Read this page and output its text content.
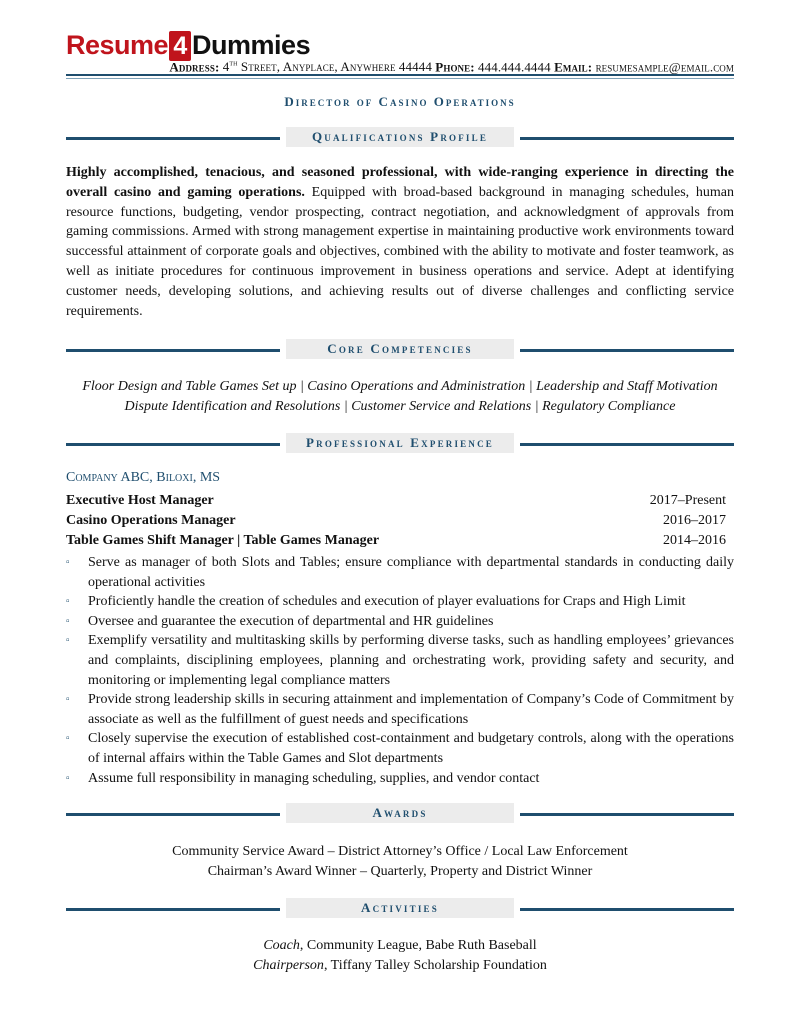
Resume 4 Dummies
Address: 4th Street, Anyplace, Anywhere 44444 Phone: 444.444.4444 Email: resumesample@email.com
Director of Casino Operations
Qualifications Profile
Highly accomplished, tenacious, and seasoned professional, with wide-ranging experience in directing the overall casino and gaming operations. Equipped with broad-based background in managing schedules, human resource functions, budgeting, vendor prospecting, contract negotiation, and acknowledgment of approvals from gaming commissions. Armed with strong management expertise in maintaining productive work environments toward successful attainment of corporate goals and objectives, combined with the ability to motivate and foster teamwork, as well as initiate procedures for continuous improvement in business operations and service. Adept at identifying customer needs, developing solutions, and achieving results out of diverse challenges and conflicting service requirements.
Core Competencies
Floor Design and Table Games Set up | Casino Operations and Administration | Leadership and Staff Motivation
Dispute Identification and Resolutions | Customer Service and Relations | Regulatory Compliance
Professional Experience
Company ABC, Biloxi, MS
Executive Host Manager	2017–Present
Casino Operations Manager	2016–2017
Table Games Shift Manager | Table Games Manager	2014–2016
▫ Serve as manager of both Slots and Tables; ensure compliance with departmental standards in conducting daily operational activities
▫ Proficiently handle the creation of schedules and execution of player evaluations for Craps and High Limit
▫ Oversee and guarantee the execution of departmental and HR guidelines
▫ Exemplify versatility and multitasking skills by performing diverse tasks, such as handling employees’ grievances and complaints, disciplining employees, planning and orchestrating work, providing safety and security, and monitoring or implementing legal compliance matters
▫ Provide strong leadership skills in securing attainment and implementation of Company’s Code of Commitment by associate as well as the fulfillment of guest needs and specifications
▫ Closely supervise the execution of established cost-containment and budgetary controls, along with the operations of internal affairs within the Table Games and Slot departments
▫ Assume full responsibility in managing scheduling, supplies, and vendor contact
Awards
Community Service Award – District Attorney’s Office / Local Law Enforcement
Chairman’s Award Winner – Quarterly, Property and District Winner
Activities
Coach, Community League, Babe Ruth Baseball
Chairperson, Tiffany Talley Scholarship Foundation
